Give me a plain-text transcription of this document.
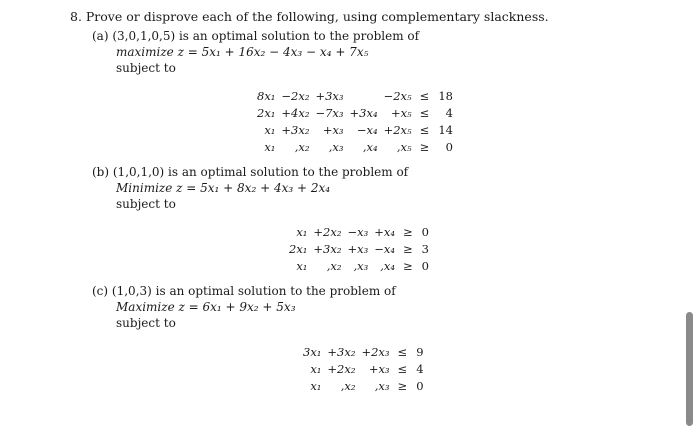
8. Prove or disprove each of the following, using complementary slackness.
(a) (3,0,1,0,5) is an optimal solution to the problem of
maximize z = 5x₁ + 16x₂ − 4x₃ − x₄ + 7x₅
subject to
8x₁	−2x₂	+3x₃		−2x₅	≤	18
2x₁	+4x₂	−7x₃	+3x₄	+x₅	≤	4
x₁	+3x₂	+x₃	−x₄	+2x₅	≤	14
x₁	,x₂	,x₃	,x₄	,x₅	≥	0
(b) (1,0,1,0) is an optimal solution to the problem of
Minimize z = 5x₁ + 8x₂ + 4x₃ + 2x₄
subject to
x₁	+2x₂	−x₃	+x₄	≥	0
2x₁	+3x₂	+x₃	−x₄	≥	3
x₁	,x₂	,x₃	,x₄	≥	0
(c) (1,0,3) is an optimal solution to the problem of
Maximize z = 6x₁ + 9x₂ + 5x₃
subject to
3x₁	+3x₂	+2x₃	≤	9
x₁	+2x₂	+x₃	≤	4
x₁	,x₂	,x₃	≥	0
